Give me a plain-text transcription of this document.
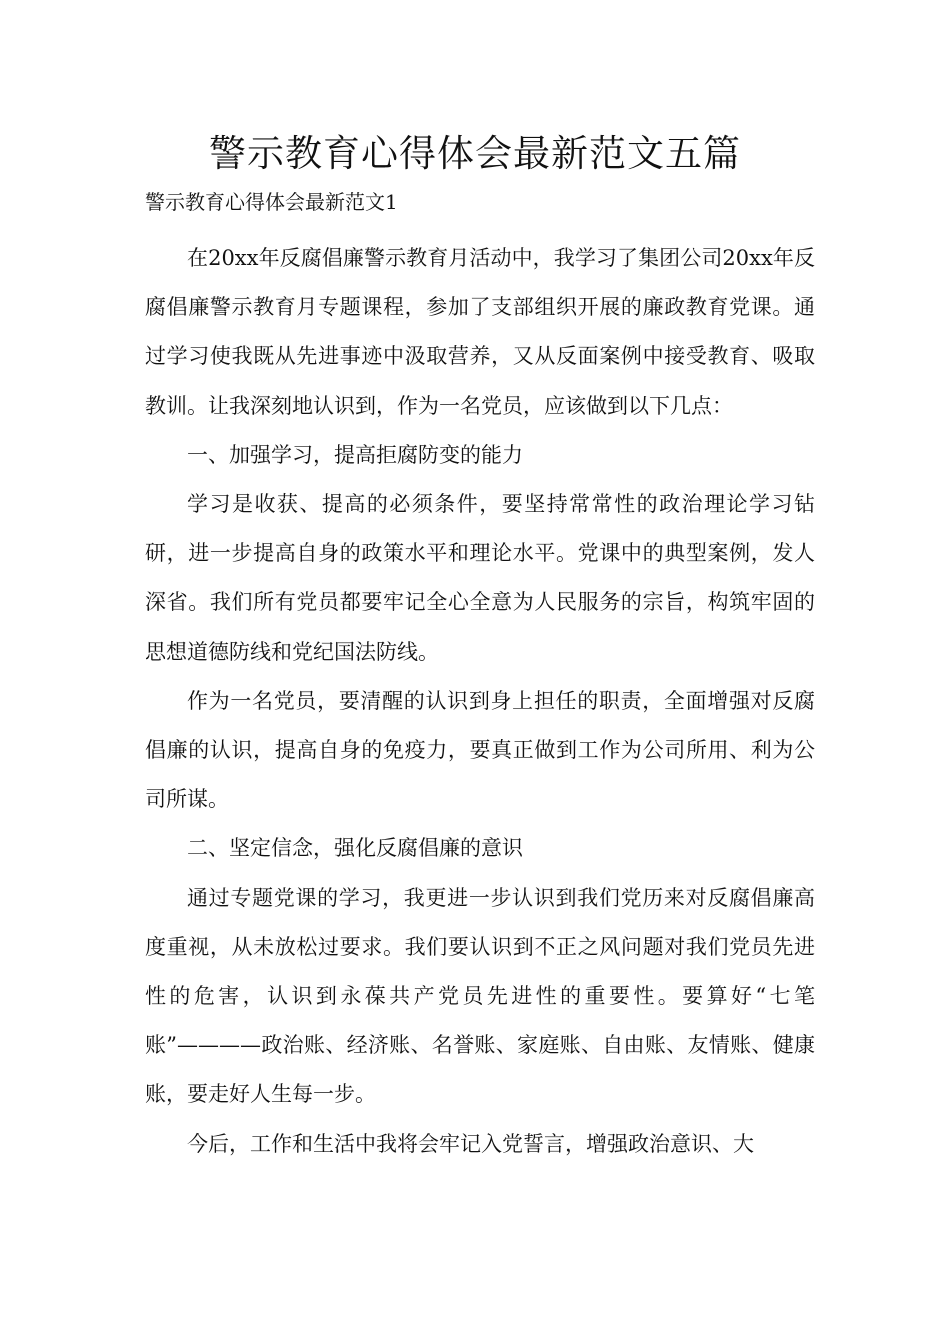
警示教育心得体会最新范文五篇

警示教育心得体会最新范文1

在20xx年反腐倡廉警示教育月活动中，我学习了集团公司20xx年反腐倡廉警示教育月专题课程，参加了支部组织开展的廉政教育党课。通过学习使我既从先进事迹中汲取营养，又从反面案例中接受教育、吸取教训。让我深刻地认识到，作为一名党员，应该做到以下几点：

一、加强学习，提高拒腐防变的能力

学习是收获、提高的必须条件，要坚持常常性的政治理论学习钻研，进一步提高自身的政策水平和理论水平。党课中的典型案例，发人深省。我们所有党员都要牢记全心全意为人民服务的宗旨，构筑牢固的思想道德防线和党纪国法防线。

作为一名党员，要清醒的认识到身上担任的职责，全面增强对反腐倡廉的认识，提高自身的免疫力，要真正做到工作为公司所用、利为公司所谋。

二、坚定信念，强化反腐倡廉的意识

通过专题党课的学习，我更进一步认识到我们党历来对反腐倡廉高度重视，从未放松过要求。我们要认识到不正之风问题对我们党员先进性的危害，认识到永葆共产党员先进性的重要性。要算好“七笔账”————政治账、经济账、名誉账、家庭账、自由账、友情账、健康账，要走好人生每一步。

今后，工作和生活中我将会牢记入党誓言，增强政治意识、大
